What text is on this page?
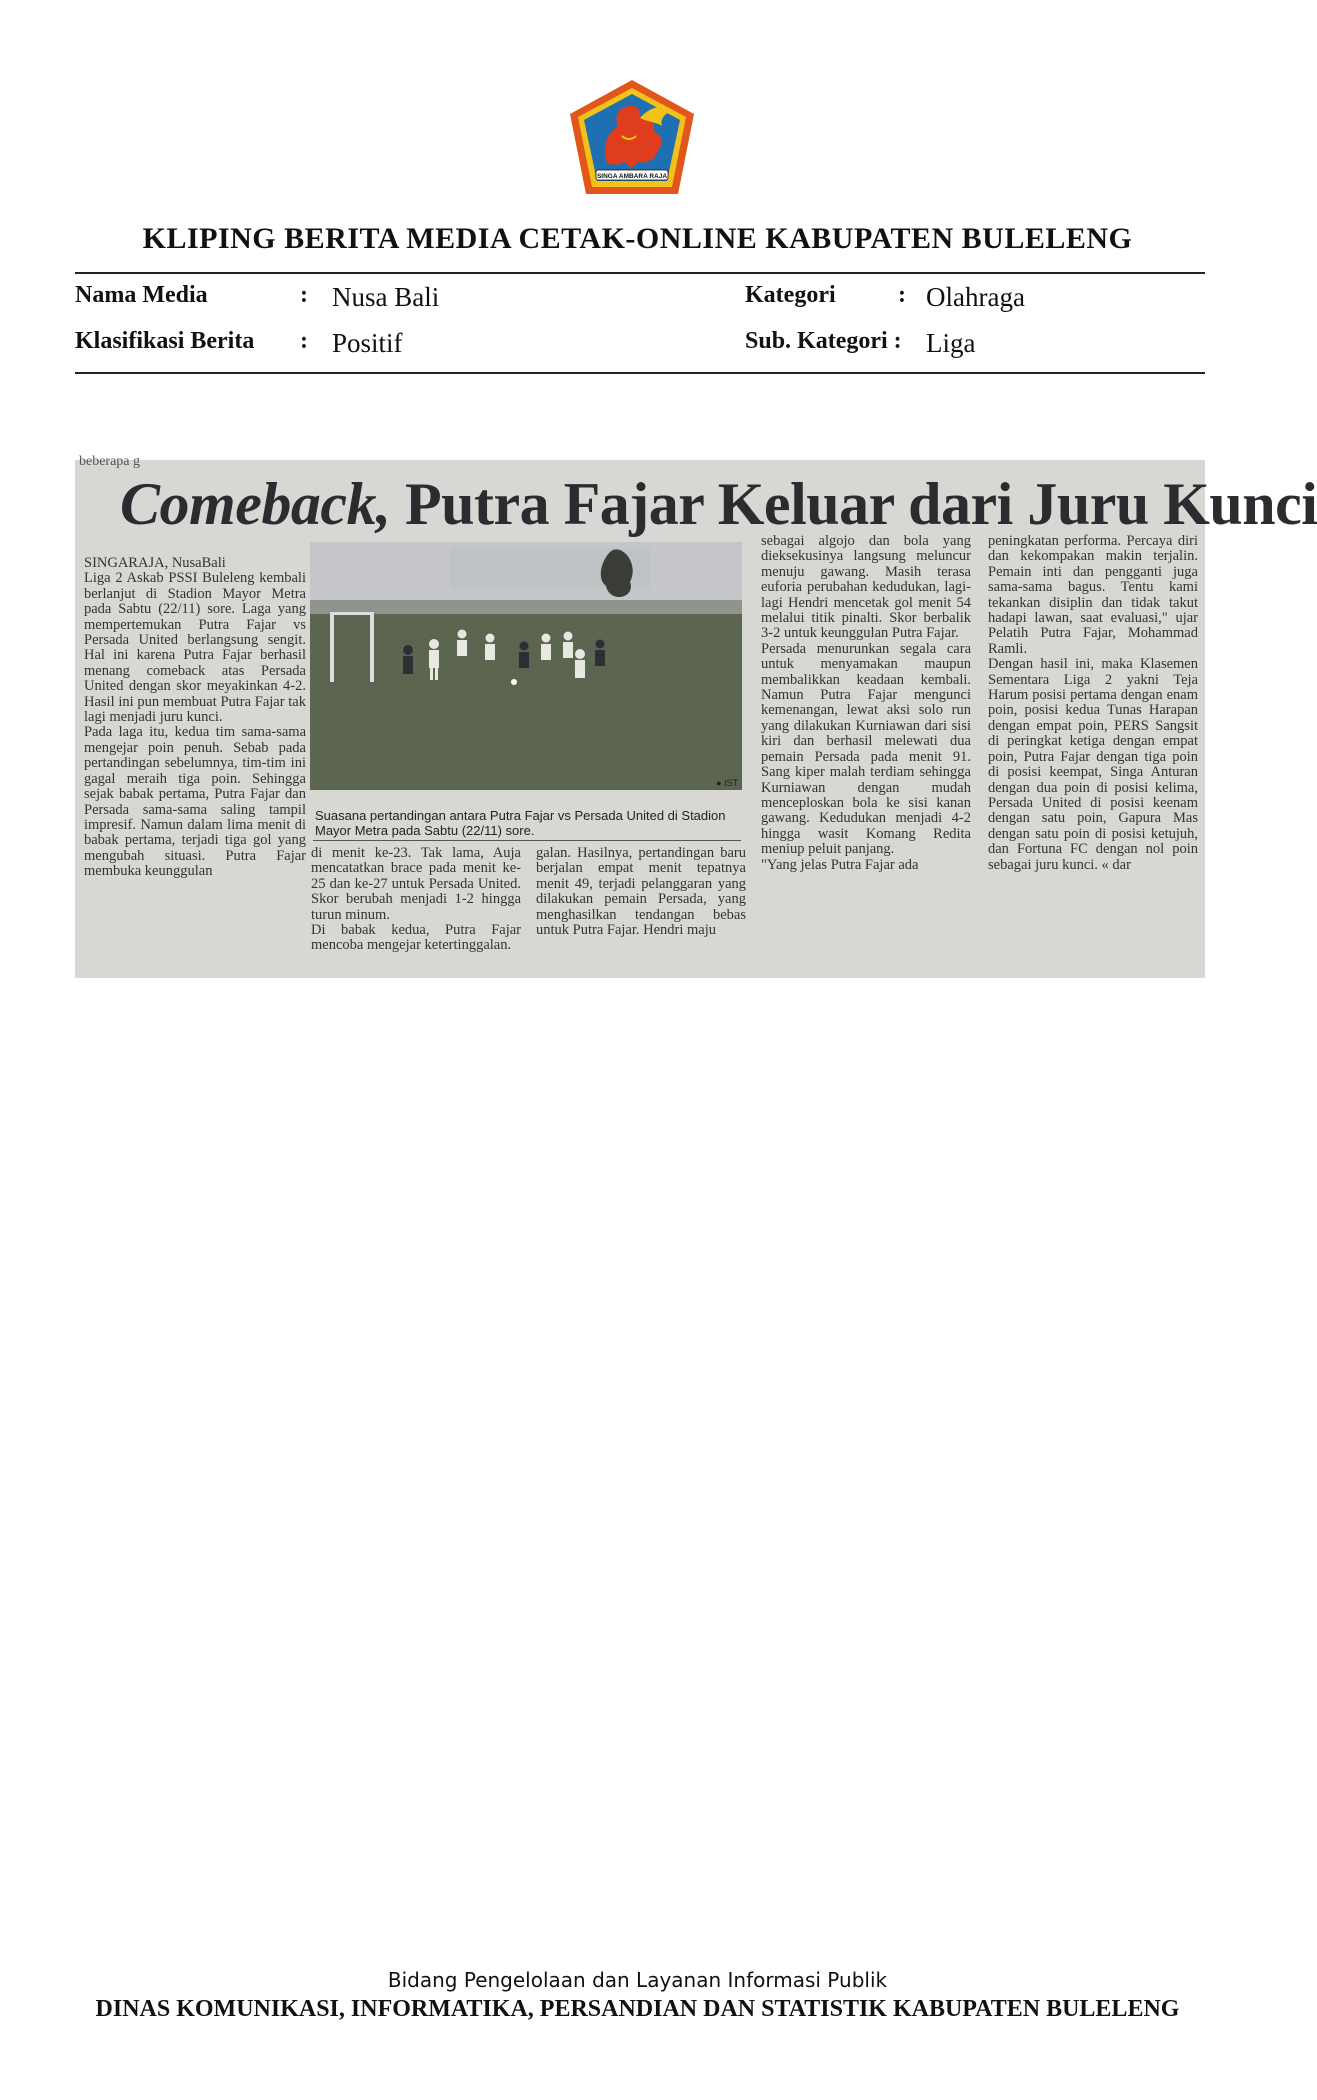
SINGA AMBARA RAJA
KLIPING BERITA MEDIA CETAK-ONLINE KABUPATEN BULELENG
Nama Media	: Nusa Bali	Kategori	: Olahraga
Klasifikasi Berita : Positif	Sub. Kategori : Liga
beberapa g
Comeback, Putra Fajar Keluar dari Juru Kunci
SINGARAJA, NusaBali
Liga 2 Askab PSSI Buleleng kembali berlanjut di Stadion Mayor Metra pada Sabtu (22/11) sore. Laga yang mempertemukan Putra Fajar vs Persada United berlangsung sengit. Hal ini karena Putra Fajar berhasil menang comeback atas Persada United dengan skor meyakinkan 4-2. Hasil ini pun membuat Putra Fajar tak lagi menjadi juru kunci.
Pada laga itu, kedua tim sama-sama mengejar poin penuh. Sebab pada pertandingan sebelumnya, tim-tim ini gagal meraih tiga poin. Sehingga sejak babak pertama, Putra Fajar dan Persada sama-sama saling tampil impresif. Namun dalam lima menit di babak pertama, terjadi tiga gol yang mengubah situasi. Putra Fajar membuka keunggulan
● IST
Suasana pertandingan antara Putra Fajar vs Persada United di Stadion Mayor Metra pada Sabtu (22/11) sore.
di menit ke-23. Tak lama, Auja mencatatkan brace pada menit ke-25 dan ke-27 untuk Persada United. Skor berubah menjadi 1-2 hingga turun minum.
Di babak kedua, Putra Fajar mencoba mengejar ketertinggalan.
galan. Hasilnya, pertandingan baru berjalan empat menit tepatnya menit 49, terjadi pelanggaran yang dilakukan pemain Persada, yang menghasilkan tendangan bebas untuk Putra Fajar. Hendri maju
sebagai algojo dan bola yang dieksekusinya langsung meluncur menuju gawang. Masih terasa euforia perubahan kedudukan, lagi-lagi Hendri mencetak gol menit 54 melalui titik pinalti. Skor berbalik 3-2 untuk keunggulan Putra Fajar.
Persada menurunkan segala cara untuk menyamakan maupun membalikkan keadaan kembali. Namun Putra Fajar mengunci kemenangan, lewat aksi solo run yang dilakukan Kurniawan dari sisi kiri dan berhasil melewati dua pemain Persada pada menit 91. Sang kiper malah terdiam sehingga Kurniawan dengan mudah menceploskan bola ke sisi kanan gawang. Kedudukan menjadi 4-2 hingga wasit Komang Redita meniup peluit panjang.
"Yang jelas Putra Fajar ada
peningkatan performa. Percaya diri dan kekompakan makin terjalin. Pemain inti dan pengganti juga sama-sama bagus. Tentu kami tekankan disiplin dan tidak takut hadapi lawan, saat evaluasi," ujar Pelatih Putra Fajar, Mohammad Ramli.
Dengan hasil ini, maka Klasemen Sementara Liga 2 yakni Teja Harum posisi pertama dengan enam poin, posisi kedua Tunas Harapan dengan empat poin, PERS Sangsit di peringkat ketiga dengan empat poin, Putra Fajar dengan tiga poin di posisi keempat, Singa Anturan dengan dua poin di posisi kelima, Persada United di posisi keenam dengan satu poin, Gapura Mas dengan satu poin di posisi ketujuh, dan Fortuna FC dengan nol poin sebagai juru kunci. « dar
Bidang Pengelolaan dan Layanan Informasi Publik
DINAS KOMUNIKASI, INFORMATIKA, PERSANDIAN DAN STATISTIK KABUPATEN BULELENG
